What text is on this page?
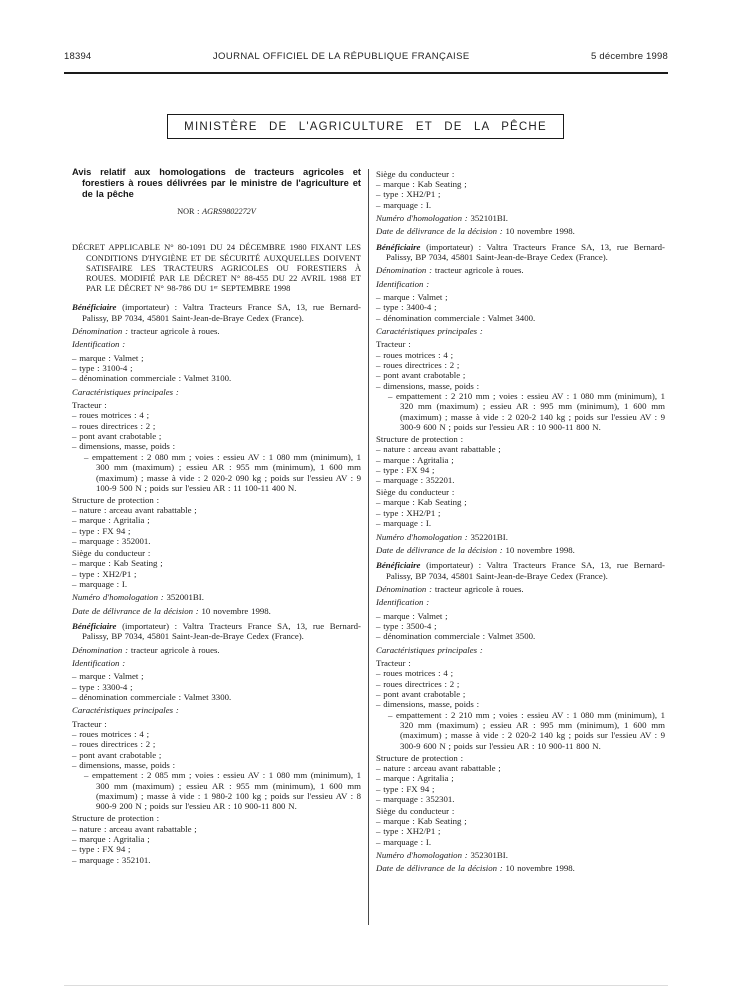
18394	JOURNAL OFFICIEL DE LA RÉPUBLIQUE FRANÇAISE	5 décembre 1998
MINISTÈRE DE L'AGRICULTURE ET DE LA PÊCHE

Avis relatif aux homologations de tracteurs agricoles et forestiers à roues délivrées par le ministre de l'agriculture et de la pêche

NOR : AGRS9802272V

DÉCRET APPLICABLE N° 80-1091 DU 24 DÉCEMBRE 1980 FIXANT LES CONDITIONS D'HYGIÈNE ET DE SÉCURITÉ AUXQUELLES DOIVENT SATISFAIRE LES TRACTEURS AGRICOLES OU FORESTIERS À ROUES. MODIFIÉ PAR LE DÉCRET N° 88-455 DU 22 AVRIL 1988 ET PAR LE DÉCRET N° 98-786 DU 1ᵉʳ SEPTEMBRE 1998

Bénéficiaire (importateur) : Valtra Tracteurs France SA, 13, rue Bernard-Palissy, BP 7034, 45801 Saint-Jean-de-Braye Cedex (France).

Dénomination : tracteur agricole à roues.

Identification :

– marque : Valmet ;

– type : 3100-4 ;

– dénomination commerciale : Valmet 3100.

Caractéristiques principales :

Tracteur :

– roues motrices : 4 ;

– roues directrices : 2 ;

– pont avant crabotable ;

– dimensions, masse, poids :

– empattement : 2 080 mm ; voies : essieu AV : 1 080 mm (minimum), 1 300 mm (maximum) ; essieu AR : 955 mm (minimum), 1 600 mm (maximum) ; masse à vide : 2 020-2 090 kg ; poids sur l'essieu AV : 9 100-9 500 N ; poids sur l'essieu AR : 11 100-11 400 N.

Structure de protection :

– nature : arceau avant rabattable ;

– marque : Agritalia ;

– type : FX 94 ;

– marquage : 352001.

Siège du conducteur :

– marque : Kab Seating ;

– type : XH2/P1 ;

– marquage : I.

Numéro d'homologation : 352001BI.

Date de délivrance de la décision : 10 novembre 1998.

Bénéficiaire (importateur) : Valtra Tracteurs France SA, 13, rue Bernard-Palissy, BP 7034, 45801 Saint-Jean-de-Braye Cedex (France).

Dénomination : tracteur agricole à roues.

Identification :

– marque : Valmet ;

– type : 3300-4 ;

– dénomination commerciale : Valmet 3300.

Caractéristiques principales :

Tracteur :

– roues motrices : 4 ;

– roues directrices : 2 ;

– pont avant crabotable ;

– dimensions, masse, poids :

– empattement : 2 085 mm ; voies : essieu AV : 1 080 mm (minimum), 1 300 mm (maximum) ; essieu AR : 955 mm (minimum), 1 600 mm (maximum) ; masse à vide : 1 980-2 100 kg ; poids sur l'essieu AV : 8 900-9 200 N ; poids sur l'essieu AR : 10 900-11 800 N.

Structure de protection :

– nature : arceau avant rabattable ;

– marque : Agritalia ;

– type : FX 94 ;

– marquage : 352101.

Siège du conducteur :

– marque : Kab Seating ;

– type : XH2/P1 ;

– marquage : I.

Numéro d'homologation : 352101BI.

Date de délivrance de la décision : 10 novembre 1998.

Bénéficiaire (importateur) : Valtra Tracteurs France SA, 13, rue Bernard-Palissy, BP 7034, 45801 Saint-Jean-de-Braye Cedex (France).

Dénomination : tracteur agricole à roues.

Identification :

– marque : Valmet ;

– type : 3400-4 ;

– dénomination commerciale : Valmet 3400.

Caractéristiques principales :

Tracteur :

– roues motrices : 4 ;

– roues directrices : 2 ;

– pont avant crabotable ;

– dimensions, masse, poids :

– empattement : 2 210 mm ; voies : essieu AV : 1 080 mm (minimum), 1 320 mm (maximum) ; essieu AR : 995 mm (minimum), 1 600 mm (maximum) ; masse à vide : 2 020-2 140 kg ; poids sur l'essieu AV : 9 300-9 600 N ; poids sur l'essieu AR : 10 900-11 800 N.

Structure de protection :

– nature : arceau avant rabattable ;

– marque : Agritalia ;

– type : FX 94 ;

– marquage : 352201.

Siège du conducteur :

– marque : Kab Seating ;

– type : XH2/P1 ;

– marquage : I.

Numéro d'homologation : 352201BI.

Date de délivrance de la décision : 10 novembre 1998.

Bénéficiaire (importateur) : Valtra Tracteurs France SA, 13, rue Bernard-Palissy, BP 7034, 45801 Saint-Jean-de-Braye Cedex (France).

Dénomination : tracteur agricole à roues.

Identification :

– marque : Valmet ;

– type : 3500-4 ;

– dénomination commerciale : Valmet 3500.

Caractéristiques principales :

Tracteur :

– roues motrices : 4 ;

– roues directrices : 2 ;

– pont avant crabotable ;

– dimensions, masse, poids :

– empattement : 2 210 mm ; voies : essieu AV : 1 080 mm (minimum), 1 320 mm (maximum) ; essieu AR : 995 mm (minimum), 1 600 mm (maximum) ; masse à vide : 2 020-2 140 kg ; poids sur l'essieu AV : 9 300-9 600 N ; poids sur l'essieu AR : 10 900-11 800 N.

Structure de protection :

– nature : arceau avant rabattable ;

– marque : Agritalia ;

– type : FX 94 ;

– marquage : 352301.

Siège du conducteur :

– marque : Kab Seating ;

– type : XH2/P1 ;

– marquage : I.

Numéro d'homologation : 352301BI.

Date de délivrance de la décision : 10 novembre 1998.
